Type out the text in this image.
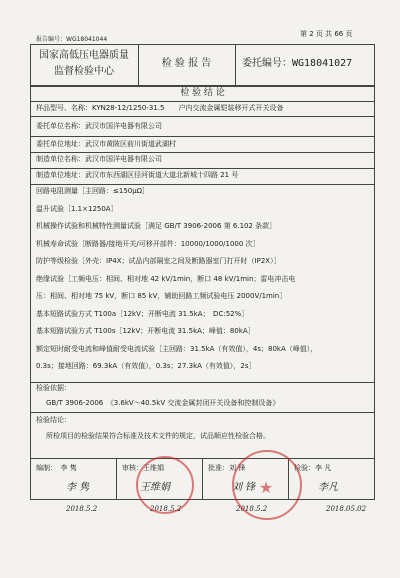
报告编号：WG18041044
第 2 页 共 66 页
国家高低压电器质量
监督检验中心
检 验 报 告	委托编号：WG18041027
检 验 结 论
样品型号、名称：KYN28-12/1250-31.5　　户内交流金属铠装移开式开关设备
委托单位名称：武汉市国洋电器有限公司
委托单位地址：武汉市黄陂区前川街道武湖村
制造单位名称：武汉市国洋电器有限公司
制造单位地址：武汉市东西湖区径河街道大道北新城十四路 21 号
回路电阻测量［主回路：≤150μΩ］
温升试验［1.1×1250A］
机械操作试验和机械特性测量试验［满足 GB/T 3906-2006 第 6.102 条款］
机械寿命试验［断路器/接地开关/可移开部件：10000/1000/1000 次］
防护等级检验［外壳：IP4X；试品内部隔室之间及断路器室门打开时（IP2X）］
绝缘试验［工频电压：相间、相对地 42 kV/1min，断口 48 kV/1min；雷电冲击电
压：相间、相对地 75 kV，断口 85 kV，辅助回路工频试验电压 2000V/1min］
基本短路试验方式 T100a［12kV；开断电流 31.5kA；　DC:52%］
基本短路试验方式 T100s［12kV；开断电流 31.5kA；峰值：80kA］
额定短时耐受电流和峰值耐受电流试验［主回路：31.5kA（有效值），4s；80kA（峰值），
0.3s；接地回路：69.3kA（有效值），0.3s；27.3kA（有效值），2s］
检验依据：
GB/T 3906-2006　《3.6kV～40.5kV 交流金属封闭开关设备和控制设备》
检验结论：
所检项目的检验结果符合标准及技术文件的规定，试品顺应性检验合格。
编制：　 李 隽	审核：王维娟	批准：刘 锋	检验：李 凡
李 隽	王维娟	刘 锋	李凡
2018.5.2	2018.5.2	2018.5.2	2018.05.02
★
